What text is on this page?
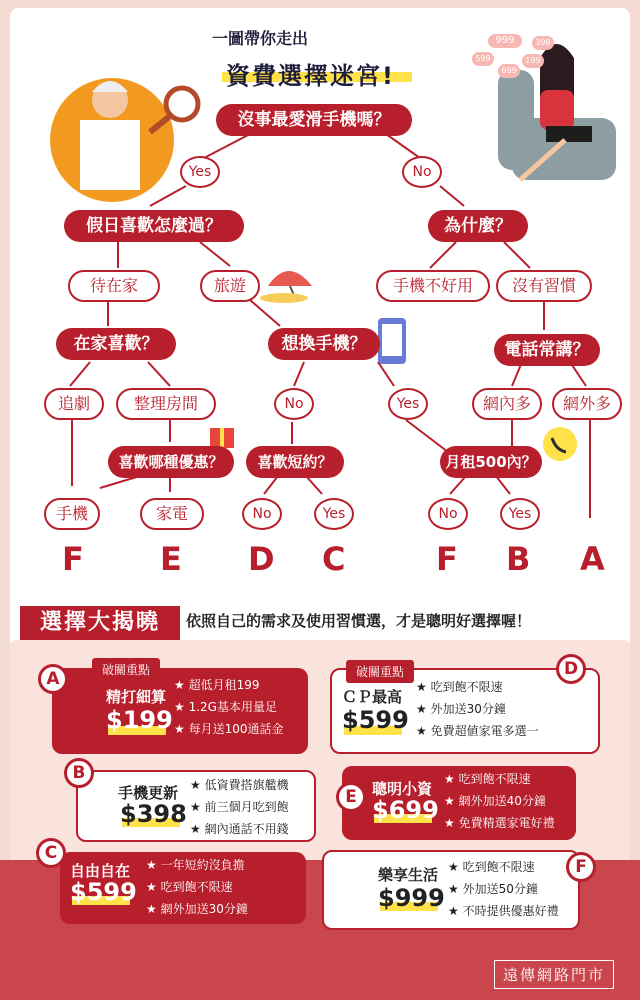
一圖帶你走出
資費選擇迷宮!
999	398
599
699
199
沒事最愛滑手機嗎？
Yes	No
假日喜歡怎麼過？	為什麼？
待在家	旅遊	手機不好用	沒有習慣
在家喜歡？	想換手機？	電話常講？
追劇	整理房間	No	Yes	網內多	網外多
喜歡哪種優惠？	喜歡短約？	月租500內？
手機	家電	No	Yes	No	Yes
F E D C	F B A
選擇大揭曉	依照自己的需求及使用習慣選，才是聰明好選擇喔！
破關重點
精打細算
$199
★ 超低月租199
★ 1.2G基本用量足
★ 每月送100通話金
A	破關重點
ＣＰ最高
$599
★ 吃到飽不限速
★ 外加送30分鐘
★ 免費超値家電多選一
D
手機更新
$398
★ 低資費搭旗艦機
★ 前三個月吃到飽
★ 網內通話不用錢
B
聰明小資
$699
★ 吃到飽不限速
★ 網外加送40分鐘
★ 免費精選家電好禮
E
自由自在
$599
★ 一年短約沒負擔
★ 吃到飽不限速
★ 網外加送30分鐘
C
樂享生活
$999
★ 吃到飽不限速
★ 外加送50分鐘
★ 不時提供優惠好禮
F
遠傳網路門市
